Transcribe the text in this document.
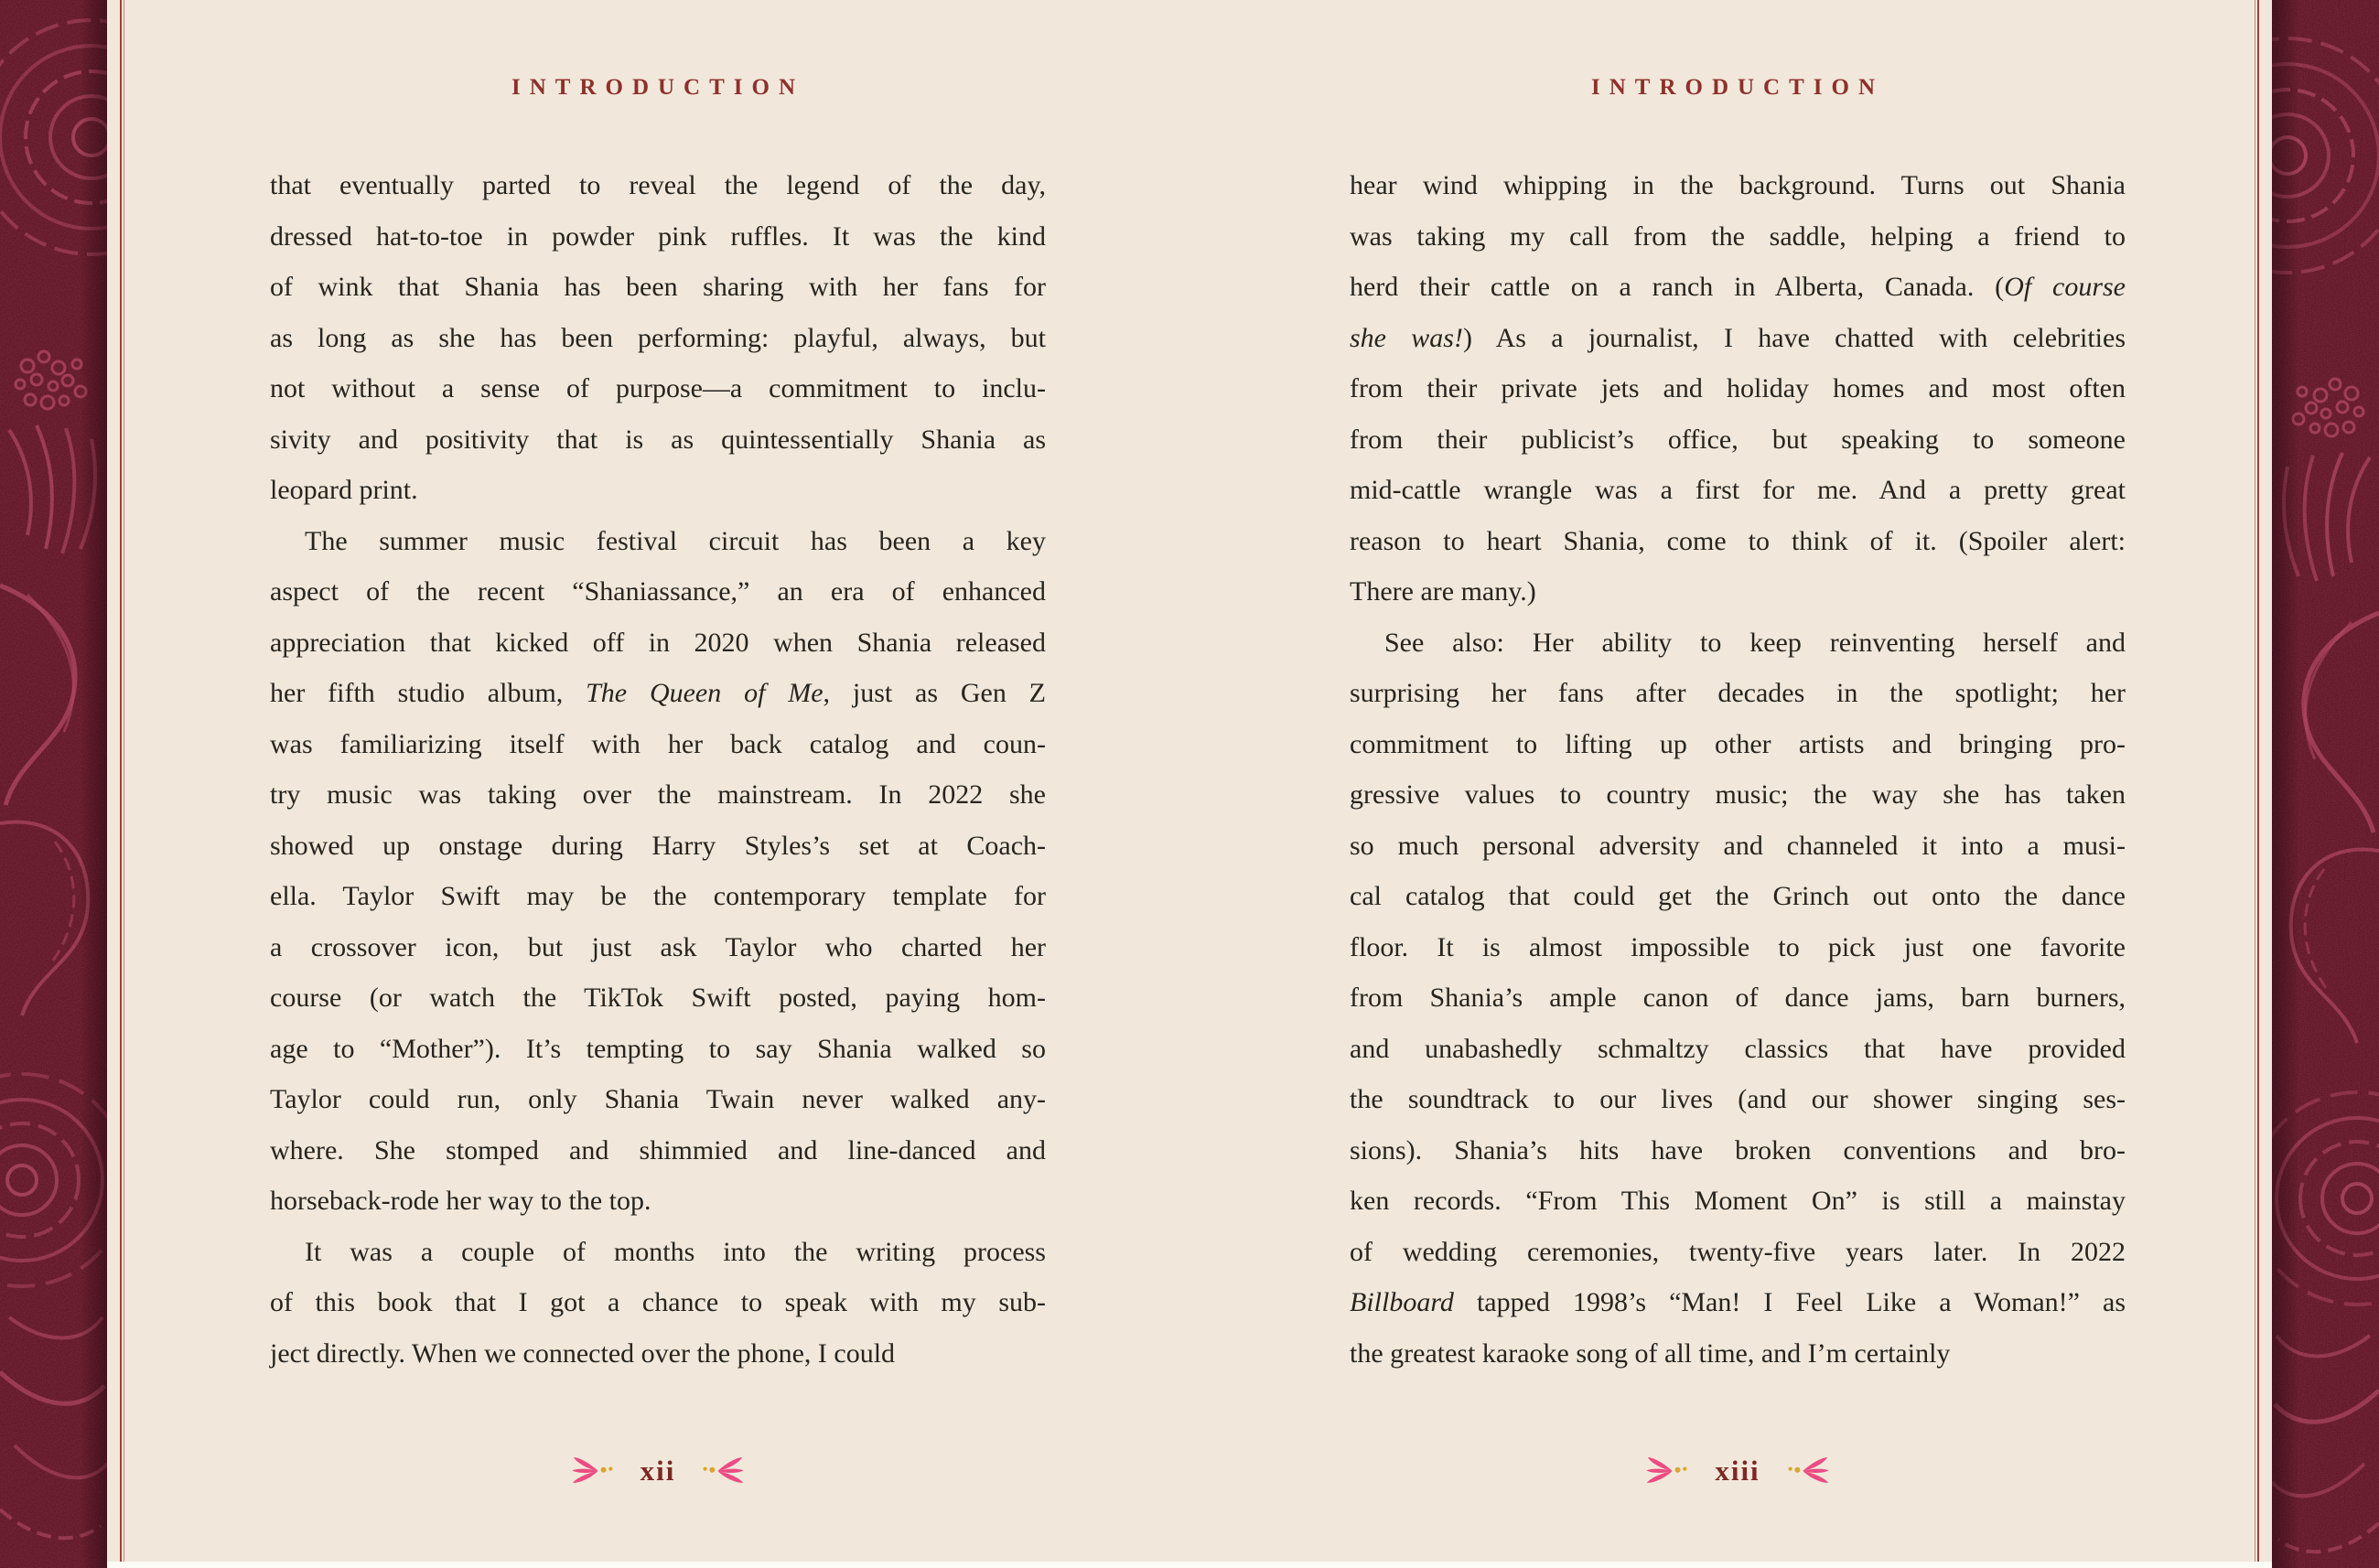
INTRODUCTION
that eventually parted to reveal the legend of the day,
dressed hat-to-toe in powder pink ruffles. It was the kind
of wink that Shania has been sharing with her fans for
as long as she has been performing: playful, always, but
not without a sense of purpose—a commitment to inclu-
sivity and positivity that is as quintessentially Shania as
leopard print.
The summer music festival circuit has been a key
aspect of the recent “Shaniassance,” an era of enhanced
appreciation that kicked off in 2020 when Shania released
her fifth studio album, The Queen of Me, just as Gen Z
was familiarizing itself with her back catalog and coun-
try music was taking over the mainstream. In 2022 she
showed up onstage during Harry Styles’s set at Coach-
ella. Taylor Swift may be the contemporary template for
a crossover icon, but just ask Taylor who charted her
course (or watch the TikTok Swift posted, paying hom-
age to “Mother”). It’s tempting to say Shania walked so
Taylor could run, only Shania Twain never walked any-
where. She stomped and shimmied and line-danced and
horseback-rode her way to the top.
It was a couple of months into the writing process
of this book that I got a chance to speak with my sub-
ject directly. When we connected over the phone, I could
xii
INTRODUCTION
hear wind whipping in the background. Turns out Shania
was taking my call from the saddle, helping a friend to
herd their cattle on a ranch in Alberta, Canada. (Of course
she was!) As a journalist, I have chatted with celebrities
from their private jets and holiday homes and most often
from their publicist’s office, but speaking to someone
mid-cattle wrangle was a first for me. And a pretty great
reason to heart Shania, come to think of it. (Spoiler alert:
There are many.)
See also: Her ability to keep reinventing herself and
surprising her fans after decades in the spotlight; her
commitment to lifting up other artists and bringing pro-
gressive values to country music; the way she has taken
so much personal adversity and channeled it into a musi-
cal catalog that could get the Grinch out onto the dance
floor. It is almost impossible to pick just one favorite
from Shania’s ample canon of dance jams, barn burners,
and unabashedly schmaltzy classics that have provided
the soundtrack to our lives (and our shower singing ses-
sions). Shania’s hits have broken conventions and bro-
ken records. “From This Moment On” is still a mainstay
of wedding ceremonies, twenty-five years later. In 2022
Billboard tapped 1998’s “Man! I Feel Like a Woman!” as
the greatest karaoke song of all time, and I’m certainly
xiii
